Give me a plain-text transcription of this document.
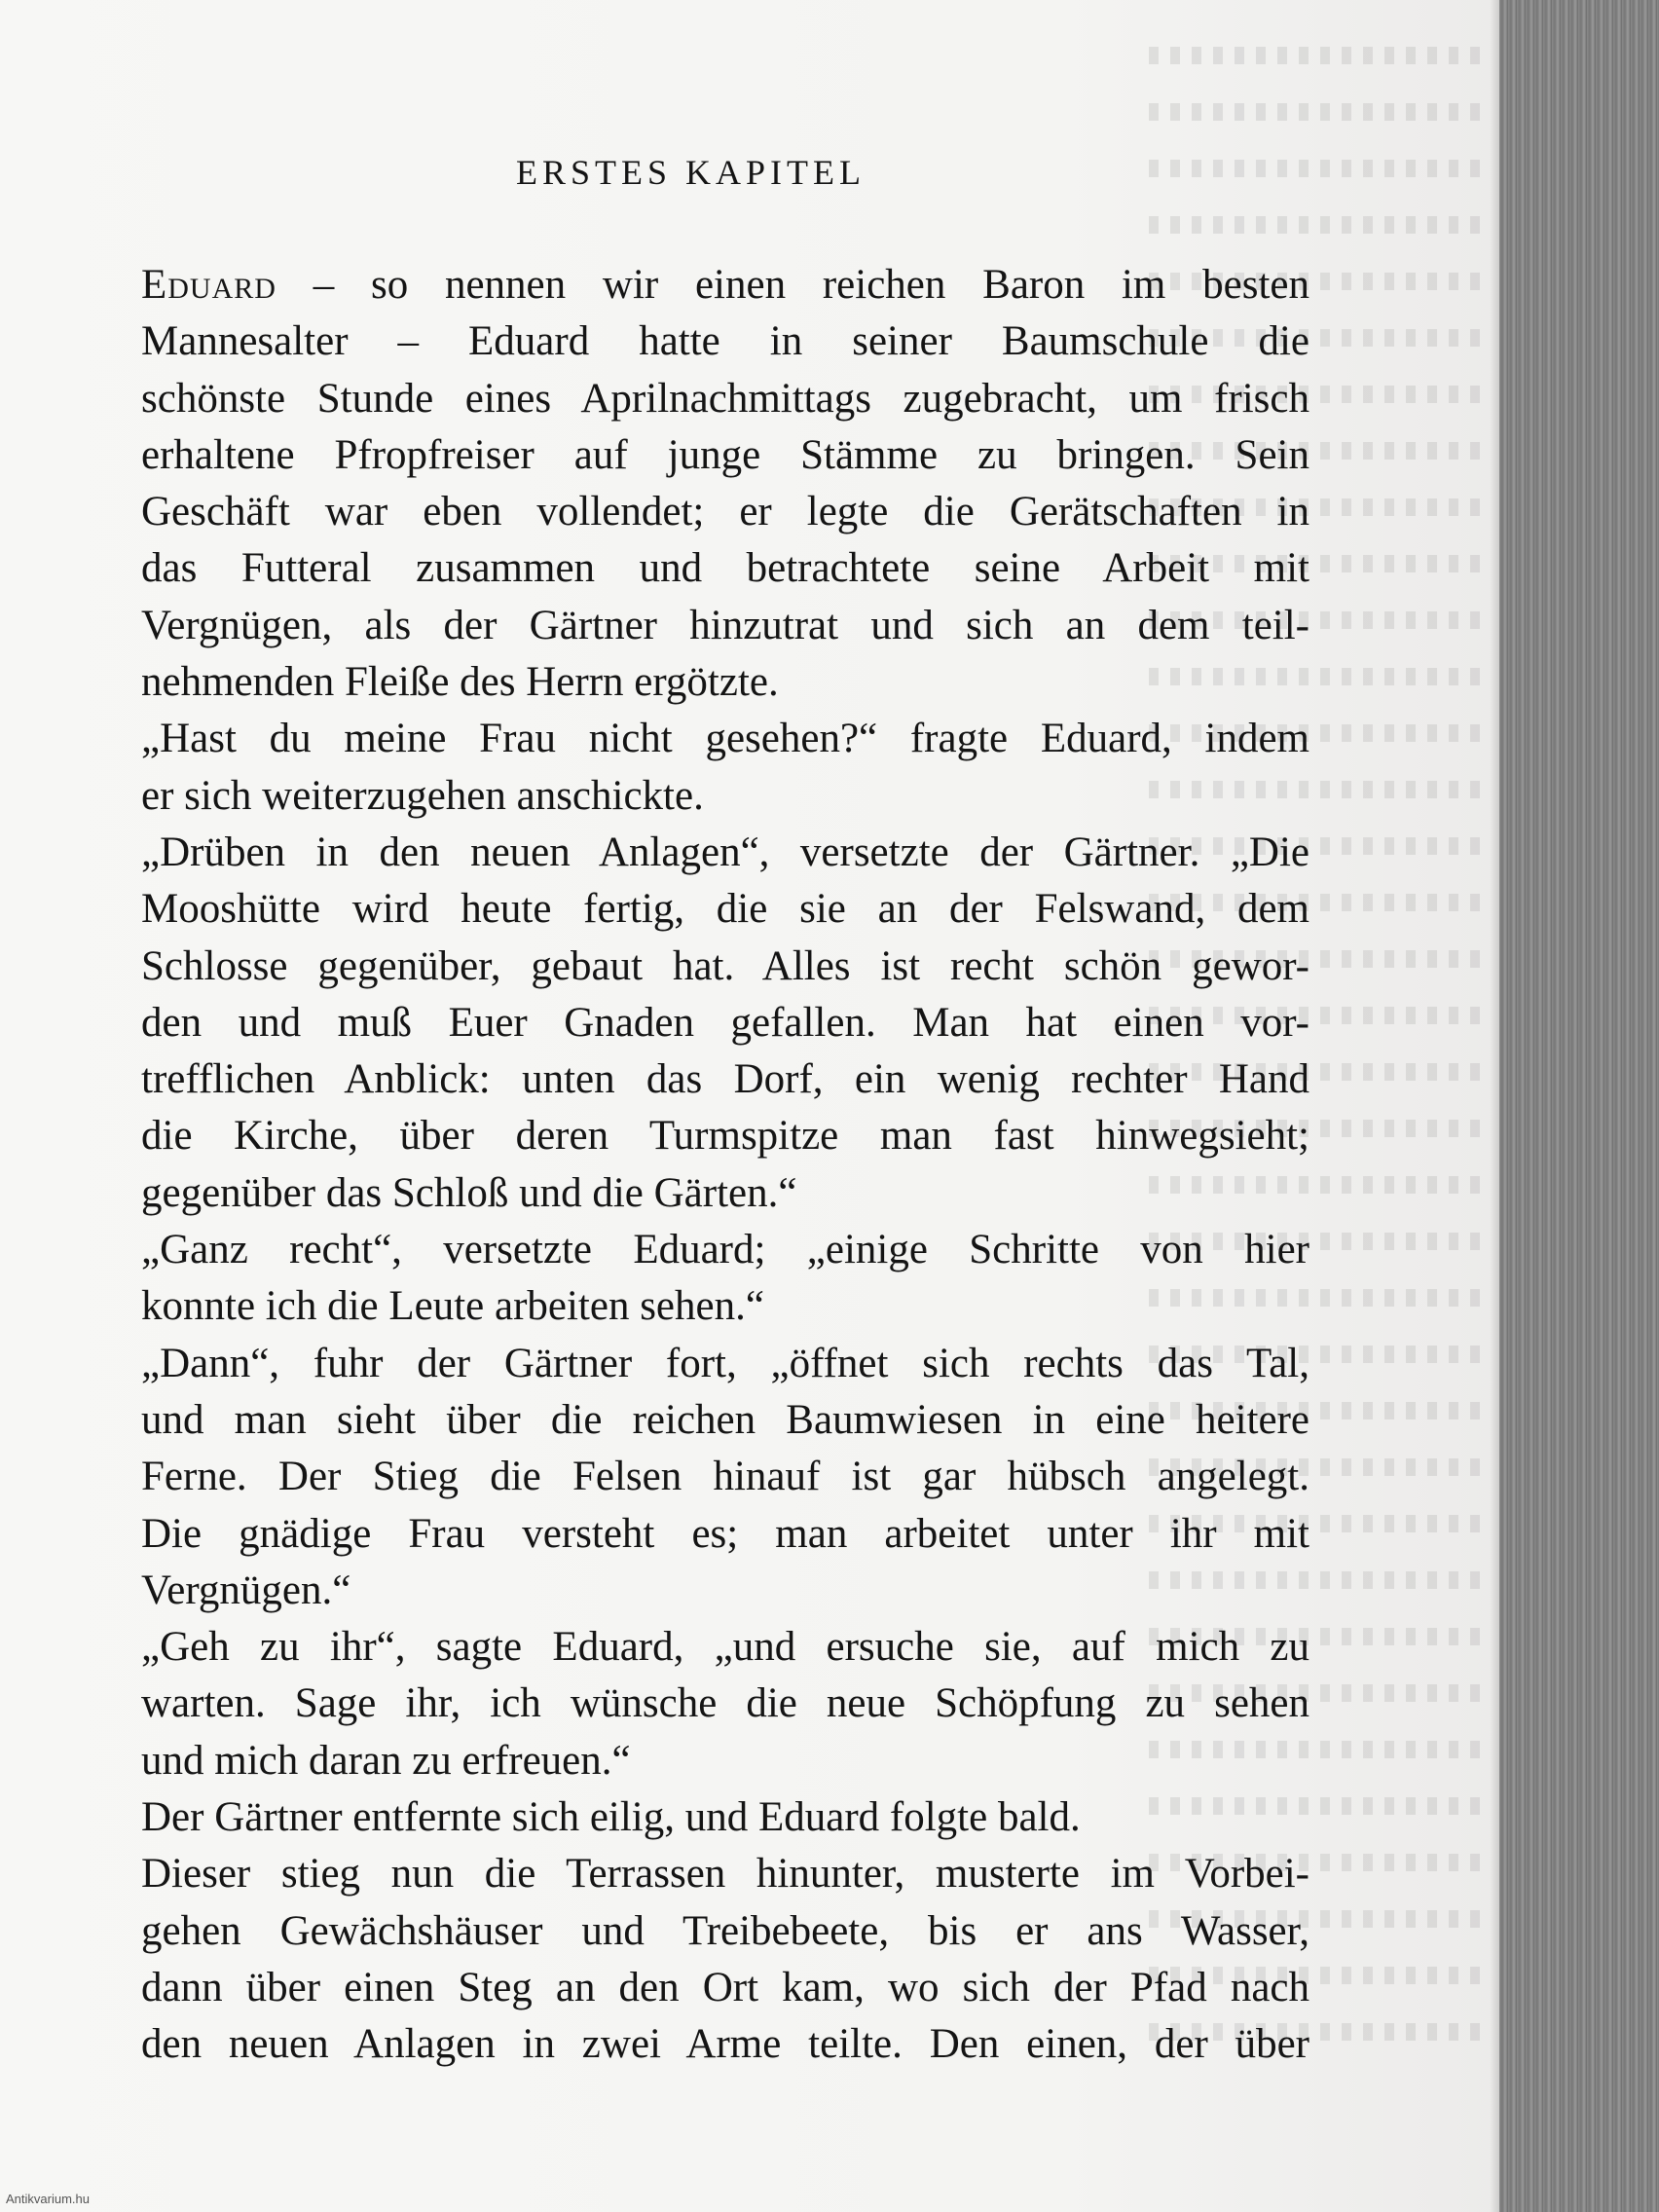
ERSTES KAPITEL
Eduard – so nennen wir einen reichen Baron im besten
Mannesalter – Eduard hatte in seiner Baumschule die
schönste Stunde eines Aprilnachmittags zugebracht, um frisch
erhaltene Pfropfreiser auf junge Stämme zu bringen. Sein
Geschäft war eben vollendet; er legte die Gerätschaften in
das Futteral zusammen und betrachtete seine Arbeit mit
Vergnügen, als der Gärtner hinzutrat und sich an dem teil-
nehmenden Fleiße des Herrn ergötzte.
„Hast du meine Frau nicht gesehen?“ fragte Eduard, indem
er sich weiterzugehen anschickte.
„Drüben in den neuen Anlagen“, versetzte der Gärtner. „Die
Mooshütte wird heute fertig, die sie an der Felswand, dem
Schlosse gegenüber, gebaut hat. Alles ist recht schön gewor-
den und muß Euer Gnaden gefallen. Man hat einen vor-
trefflichen Anblick: unten das Dorf, ein wenig rechter Hand
die Kirche, über deren Turmspitze man fast hinwegsieht;
gegenüber das Schloß und die Gärten.“
„Ganz recht“, versetzte Eduard; „einige Schritte von hier
konnte ich die Leute arbeiten sehen.“
„Dann“, fuhr der Gärtner fort, „öffnet sich rechts das Tal,
und man sieht über die reichen Baumwiesen in eine heitere
Ferne. Der Stieg die Felsen hinauf ist gar hübsch angelegt.
Die gnädige Frau versteht es; man arbeitet unter ihr mit
Vergnügen.“
„Geh zu ihr“, sagte Eduard, „und ersuche sie, auf mich zu
warten. Sage ihr, ich wünsche die neue Schöpfung zu sehen
und mich daran zu erfreuen.“
Der Gärtner entfernte sich eilig, und Eduard folgte bald.
Dieser stieg nun die Terrassen hinunter, musterte im Vorbei-
gehen Gewächshäuser und Treibebeete, bis er ans Wasser,
dann über einen Steg an den Ort kam, wo sich der Pfad nach
den neuen Anlagen in zwei Arme teilte. Den einen, der über
Antikvarium.hu
